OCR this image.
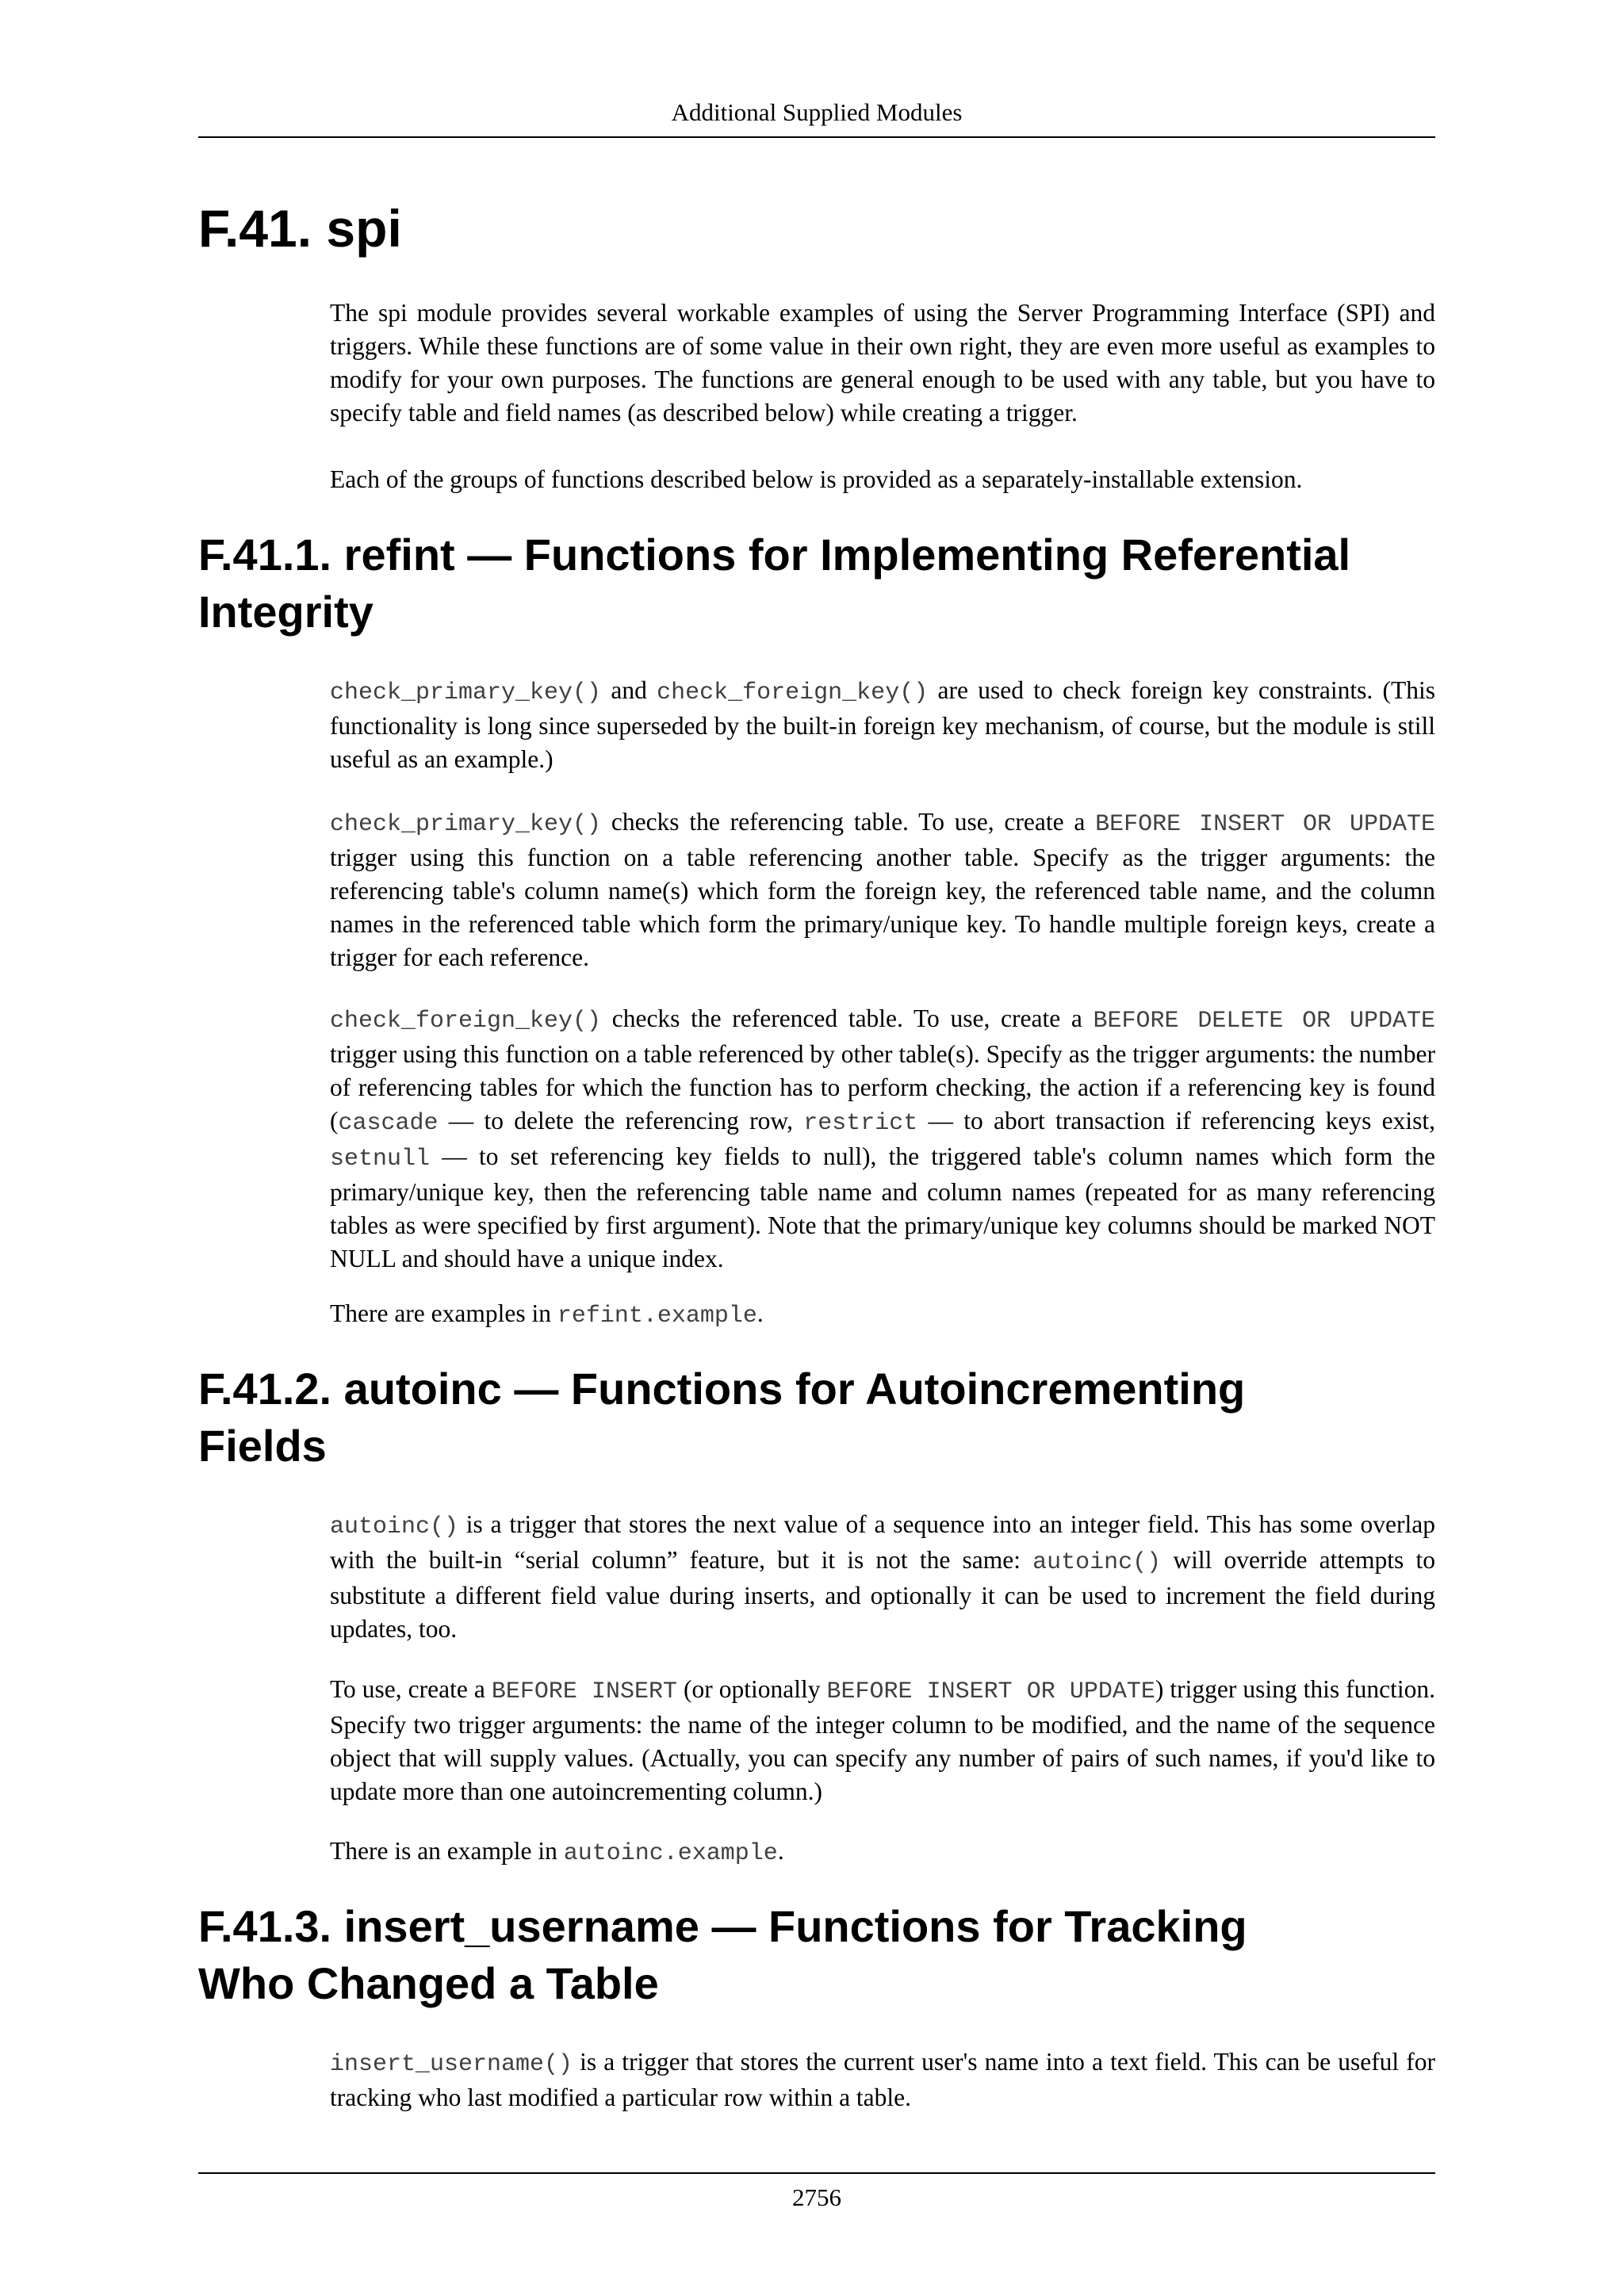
Additional Supplied Modules
F.41. spi

The spi module provides several workable examples of using the Server Programming Interface (SPI) and triggers. While these functions are of some value in their own right, they are even more useful as examples to modify for your own purposes. The functions are general enough to be used with any table, but you have to specify table and field names (as described below) while creating a trigger.

Each of the groups of functions described below is provided as a separately-installable extension.

F.41.1. refint — Functions for Implementing Referential
Integrity

check_primary_key() and check_foreign_key() are used to check foreign key constraints. (This functionality is long since superseded by the built-in foreign key mechanism, of course, but the module is still useful as an example.)

check_primary_key() checks the referencing table. To use, create a BEFORE INSERT OR UPDATE trigger using this function on a table referencing another table. Specify as the trigger arguments: the referencing table's column name(s) which form the foreign key, the referenced table name, and the column names in the referenced table which form the primary/unique key. To handle multiple foreign keys, create a trigger for each reference.

check_foreign_key() checks the referenced table. To use, create a BEFORE DELETE OR UPDATE trigger using this function on a table referenced by other table(s). Specify as the trigger arguments: the number of referencing tables for which the function has to perform checking, the action if a referencing key is found (cascade — to delete the referencing row, restrict — to abort transaction if referencing keys exist, setnull — to set referencing key fields to null), the triggered table's column names which form the primary/unique key, then the referencing table name and column names (repeated for as many referencing tables as were specified by first argument). Note that the primary/unique key columns should be marked NOT NULL and should have a unique index.

There are examples in refint.example.

F.41.2. autoinc — Functions for Autoincrementing
Fields

autoinc() is a trigger that stores the next value of a sequence into an integer field. This has some overlap with the built-in “serial column” feature, but it is not the same: autoinc() will override attempts to substitute a different field value during inserts, and optionally it can be used to increment the field during updates, too.

To use, create a BEFORE INSERT (or optionally BEFORE INSERT OR UPDATE) trigger using this function. Specify two trigger arguments: the name of the integer column to be modified, and the name of the sequence object that will supply values. (Actually, you can specify any number of pairs of such names, if you'd like to update more than one autoincrementing column.)

There is an example in autoinc.example.

F.41.3. insert_username — Functions for Tracking
Who Changed a Table

insert_username() is a trigger that stores the current user's name into a text field. This can be useful for tracking who last modified a particular row within a table.

2756
